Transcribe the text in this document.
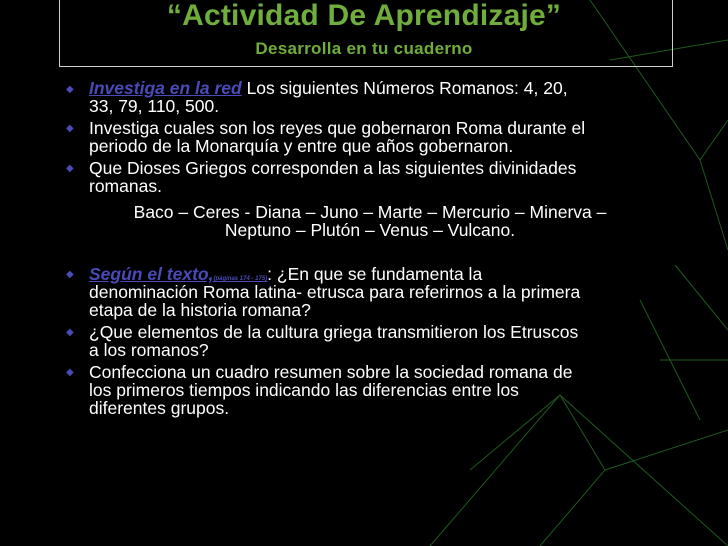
“Actividad De Aprendizaje”
Desarrolla en tu cuaderno
◆ Investiga en la red Los siguientes Números Romanos: 4, 20,
33, 79, 110, 500.
◆ Investiga cuales son los reyes que gobernaron Roma durante el
periodo de la Monarquía y entre que años gobernaron.
◆ Que Dioses Griegos corresponden a las siguientes divinidades
romanas.
Baco – Ceres - Diana – Juno – Marte – Mercurio – Minerva –
Neptuno – Plutón – Venus – Vulcano.
◆ Según el texto,(páginas 174 - 175): ¿En que se fundamenta la
denominación Roma latina- etrusca para referirnos a la primera
etapa de la historia romana?
◆ ¿Que elementos de la cultura griega transmitieron los Etruscos
a los romanos?
◆ Confecciona un cuadro resumen sobre la sociedad romana de
los primeros tiempos indicando las diferencias entre los
diferentes grupos.
